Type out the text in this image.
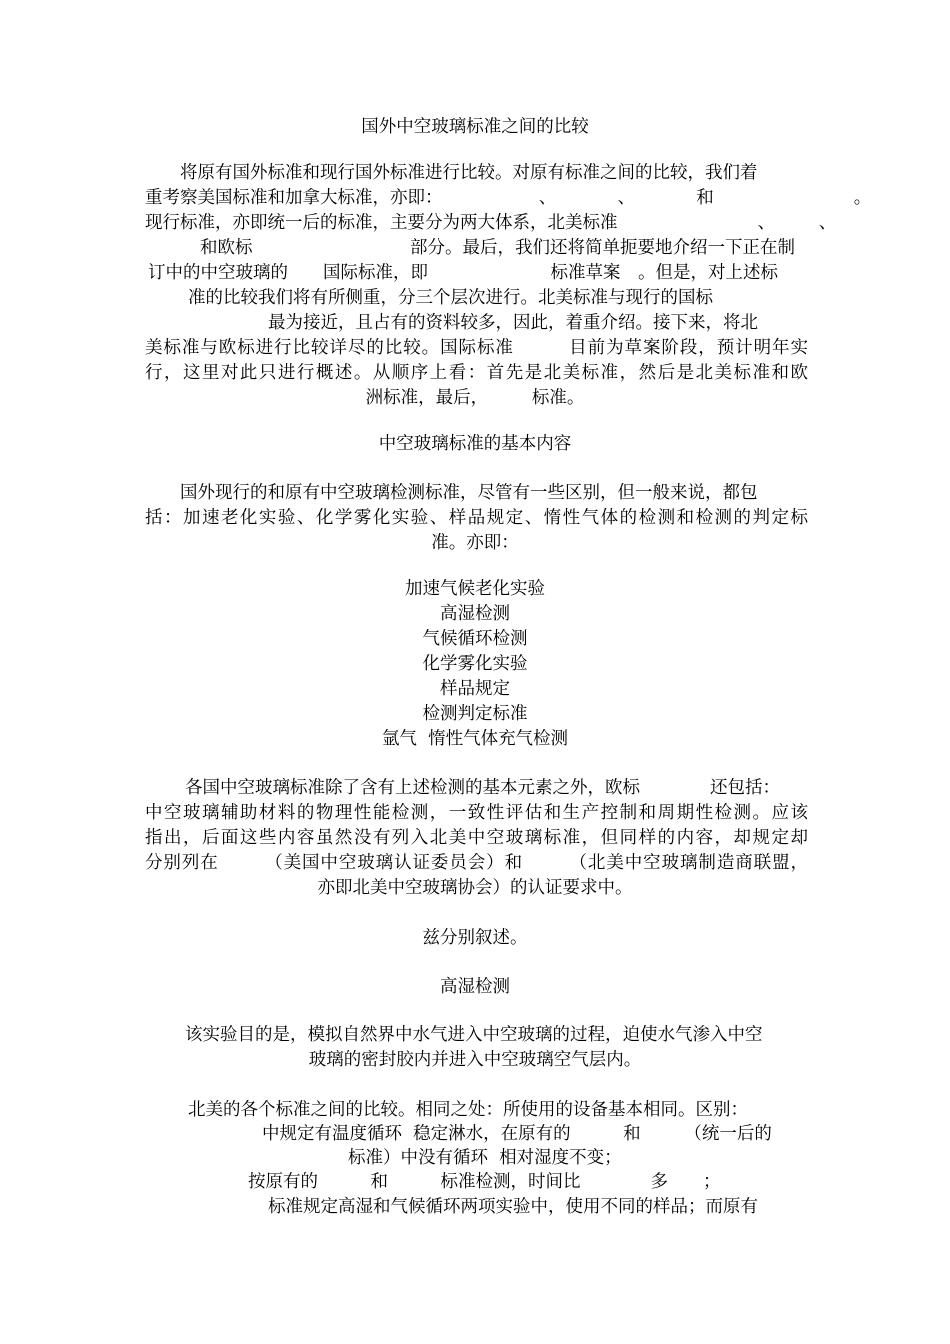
国外中空玻璃标准之间的比较
将原有国外标准和现行国外标准进行比较。对原有标准之间的比较，我们着
重考察美国标准和加拿大标准，亦即：　　　　　　、　　　　、　　　　和　　　　　　　　。
现行标准，亦即统一后的标准，主要分为两大体系，北美标准　　　　　　　　、　　　、
和欧标　　　　　　　　　部分。最后，我们还将简单扼要地介绍一下正在制
订中的中空玻璃的　　国际标准，即　　　　　　　标准草案　。但是，对上述标
准的比较我们将有所侧重，分三个层次进行。北美标准与现行的国标
最为接近，且占有的资料较多，因此，着重介绍。接下来，将北
美标准与欧标进行比较详尽的比较。国际标准　　　目前为草案阶段，预计明年实
行，这里对此只进行概述。从顺序上看：首先是北美标准，然后是北美标准和欧
洲标准，最后，　　　标准。
中空玻璃标准的基本内容
国外现行的和原有中空玻璃检测标准，尽管有一些区别，但一般来说，都包
括：加速老化实验、化学雾化实验、样品规定、惰性气体的检测和检测的判定标
准。亦即：
加速气候老化实验
高湿检测
气候循环检测
化学雾化实验
样品规定
检测判定标准
氩气  惰性气体充气检测
各国中空玻璃标准除了含有上述检测的基本元素之外，欧标　　　　还包括：
中空玻璃辅助材料的物理性能检测，一致性评估和生产控制和周期性检测。应该
指出，后面这些内容虽然没有列入北美中空玻璃标准，但同样的内容，却规定却
分别列在　　　（美国中空玻璃认证委员会）和　　　（北美中空玻璃制造商联盟，
亦即北美中空玻璃协会）的认证要求中。
兹分别叙述。
高湿检测
该实验目的是，模拟自然界中水气进入中空玻璃的过程，迫使水气渗入中空
玻璃的密封胶内并进入中空玻璃空气层内。
北美的各个标准之间的比较。相同之处：所使用的设备基本相同。区别：
中规定有温度循环  稳定淋水，在原有的　　　和　　　（统一后的
标准）中没有循环  相对湿度不变；
按原有的　　　和　　　标准检测，时间比　　　　多　　；
标准规定高湿和气候循环两项实验中，使用不同的样品；而原有
